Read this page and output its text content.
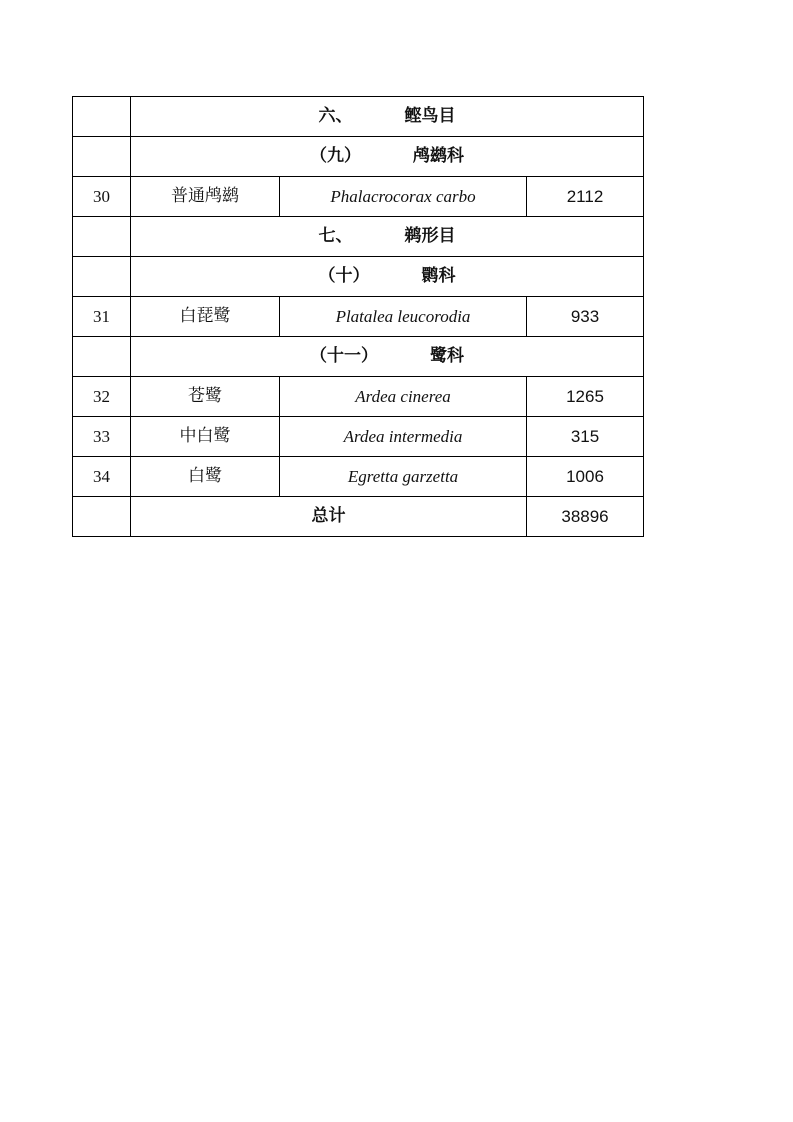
	六、 鲣鸟目		
	（九） 鸬鹚科		
30	普通鸬鹚	Phalacrocorax carbo	2112
	七、 鹈形目		
	（十） 鹮科		
31	白琵鹭	Platalea leucorodia	933
	（十一） 鹭科		
32	苍鹭	Ardea cinerea	1265
33	中白鹭	Ardea intermedia	315
34	白鹭	Egretta garzetta	1006
	总计		38896
